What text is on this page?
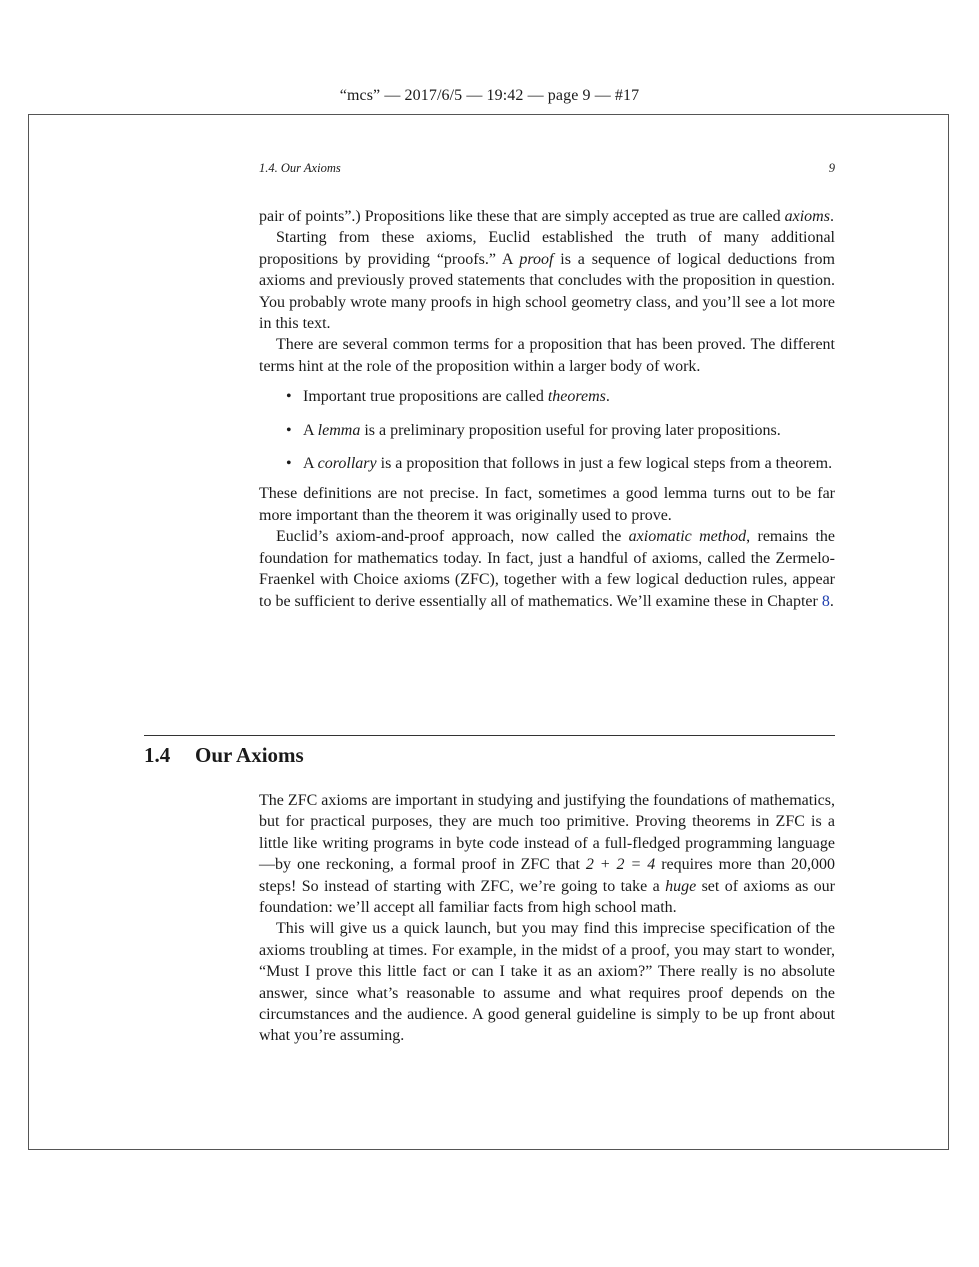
“mcs” — 2017/6/5 — 19:42 — page 9 — #17
1.4. Our Axioms	9

pair of points”.) Propositions like these that are simply accepted as true are called axioms.

Starting from these axioms, Euclid established the truth of many additional propositions by providing “proofs.” A proof is a sequence of logical deductions from axioms and previously proved statements that concludes with the proposition in question. You probably wrote many proofs in high school geometry class, and you’ll see a lot more in this text.

There are several common terms for a proposition that has been proved. The different terms hint at the role of the proposition within a larger body of work.

• Important true propositions are called theorems.
• A lemma is a preliminary proposition useful for proving later propositions.
• A corollary is a proposition that follows in just a few logical steps from a theorem.

These definitions are not precise. In fact, sometimes a good lemma turns out to be far more important than the theorem it was originally used to prove.

Euclid’s axiom-and-proof approach, now called the axiomatic method, remains the foundation for mathematics today. In fact, just a handful of axioms, called the Zermelo-Fraenkel with Choice axioms (ZFC), together with a few logical deduction rules, appear to be sufficient to derive essentially all of mathematics. We’ll examine these in Chapter 8.

1.4 Our Axioms

The ZFC axioms are important in studying and justifying the foundations of mathematics, but for practical purposes, they are much too primitive. Proving theorems in ZFC is a little like writing programs in byte code instead of a full-fledged programming language—by one reckoning, a formal proof in ZFC that 2 + 2 = 4 requires more than 20,000 steps! So instead of starting with ZFC, we’re going to take a huge set of axioms as our foundation: we’ll accept all familiar facts from high school math.

This will give us a quick launch, but you may find this imprecise specification of the axioms troubling at times. For example, in the midst of a proof, you may start to wonder, “Must I prove this little fact or can I take it as an axiom?” There really is no absolute answer, since what’s reasonable to assume and what requires proof depends on the circumstances and the audience. A good general guideline is simply to be up front about what you’re assuming.
